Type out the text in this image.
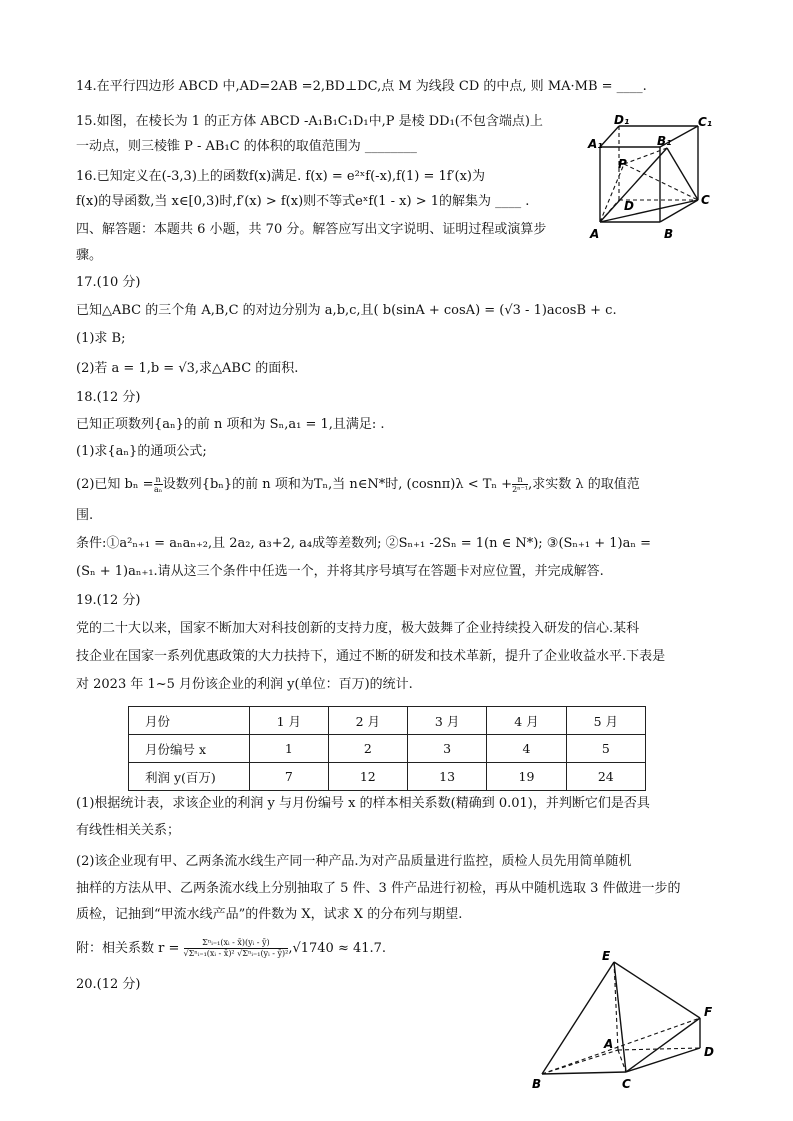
14.在平行四边形 ABCD 中,AD=2AB =2,BD⊥DC,点 M 为线段 CD 的中点, 则 MA·MB = ____.
15.如图，在棱长为 1 的正方体 ABCD -A₁B₁C₁D₁中,P 是棱 DD₁(不包含端点)上
一动点，则三棱锥 P - AB₁C 的体积的取值范围为 ________
16.已知定义在(-3,3)上的函数f(x)满足. f(x) = e²ˣf(-x),f(1) = 1f′(x)为
f(x)的导函数,当 x∈[0,3)时,f′(x) > f(x)则不等式eˣf(1 - x) > 1的解集为 ____ .
四、解答题：本题共 6 小题，共 70 分。解答应写出文字说明、证明过程或演算步
骤。
17.(10 分)
已知△ABC 的三个角 A,B,C 的对边分别为 a,b,c,且( b(sinA + cosA) = (√3 - 1)acosB + c.
(1)求 B;
(2)若 a = 1,b = √3,求△ABC 的面积.
18.(12 分)
已知正项数列{aₙ}的前 n 项和为 Sₙ,a₁ = 1,且满足: .
(1)求{aₙ}的通项公式;
(2)已知 $b_n = \frac{n}{\text{aₙ}}$ 设数列{bₙ}的前 n 项和为Tₙ,当 n∈N*时, $(\cos n\pi)\lambda < T_n + \frac{n}{\text{2ⁿ⁻¹}}$ ,求实数 λ 的取值范
围.
条件:①a²ₙ₊₁ = aₙaₙ₊₂,且 2a₂, a₃+2, a₄成等差数列; ②Sₙ₊₁ -2Sₙ = 1(n ∈ N*); ③(Sₙ₊₁ + 1)aₙ =
(Sₙ + 1)aₙ₊₁.请从这三个条件中任选一个，并将其序号填写在答题卡对应位置，并完成解答.
19.(12 分)
党的二十大以来，国家不断加大对科技创新的支持力度，极大鼓舞了企业持续投入研发的信心.某科
技企业在国家一系列优惠政策的大力扶持下，通过不断的研发和技术革新，提升了企业收益水平.下表是
对 2023 年 1~5 月份该企业的利润 y(单位：百万)的统计.
月份	1 月	2 月	3 月	4 月	5 月
月份编号 x	1	2	3	4	5
利润 y(百万)	7	12	13	19	24
(1)根据统计表，求该企业的利润 y 与月份编号 x 的样本相关系数(精确到 0.01)，并判断它们是否具
有线性相关关系；
(2)该企业现有甲、乙两条流水线生产同一种产品.为对产品质量进行监控，质检人员先用简单随机
抽样的方法从甲、乙两条流水线上分别抽取了 5 件、3 件产品进行初检，再从中随机选取 3 件做进一步的
质检，记抽到“甲流水线产品”的件数为 X，试求 X 的分布列与期望.
附：相关系数 $r = \frac{\text{Σⁿᵢ₌₁(xᵢ - x̄)(yᵢ - ȳ)}}{\text{√Σⁿᵢ₌₁(xᵢ - x̄)² √Σⁿᵢ₌₁(yᵢ - ȳ)²}} ,√1740 \approx 41.7$.
20.(12 分)
D₁	C₁
A₁	B₁
P
D	C
A	B
E
F
A
D
B	C
